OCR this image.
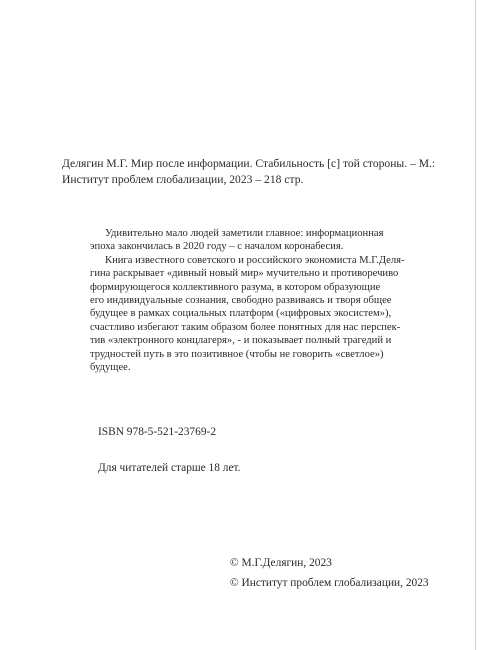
Делягин М.Г. Мир после информации. Стабильность [с] той стороны. – М.:

Институт проблем глобализации, 2023 – 218 стр.

Удивительно мало людей заметили главное: информационная

эпоха закончилась в 2020 году – с началом коронабесия.

Книга известного советского и российского экономиста М.Г.Деля-

гина раскрывает «дивный новый мир» мучительно и противоречиво

формирующегося коллективного разума, в котором образующие

его индивидуальные сознания, свободно развиваясь и творя общее

будущее в рамках социальных платформ («цифровых экосистем»),

счастливо избегают таким образом более понятных для нас перспек-

тив «электронного концлагеря», - и показывает полный трагедий и

трудностей путь в это позитивное (чтобы не говорить «светлое»)

будущее.

ISBN 978-5-521-23769-2
Для читателей старше 18 лет.

© М.Г.Делягин, 2023

© Институт проблем глобализации, 2023
